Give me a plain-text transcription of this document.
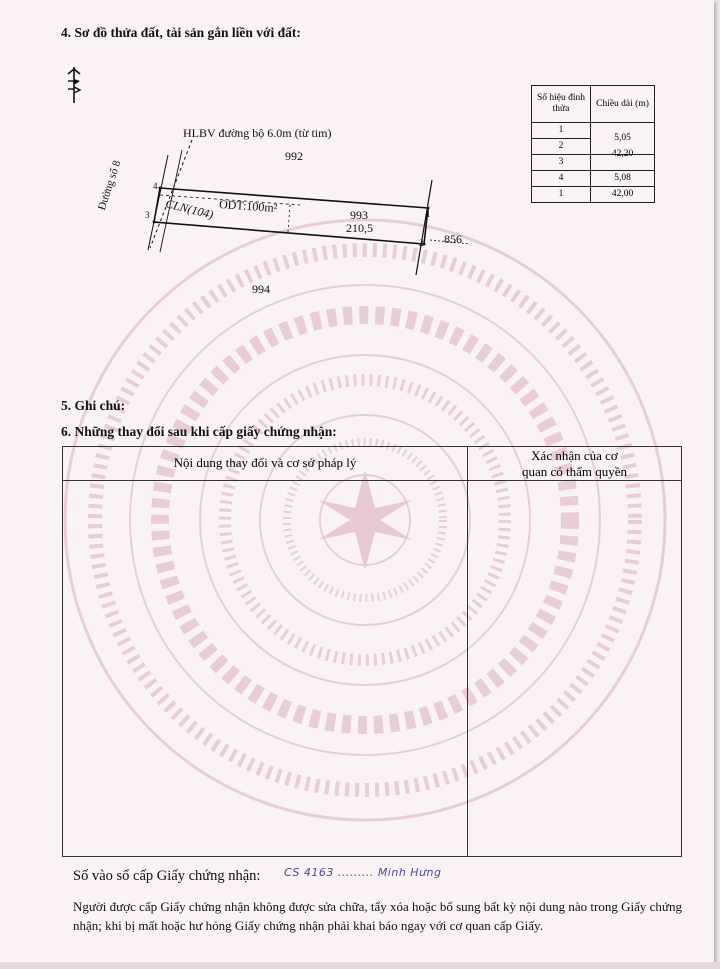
4. Sơ đồ thửa đất, tài sản gắn liền với đất:
HLBV đường bộ 6.0m (từ tim)
Đường số 8
992
ODT:100m²
CLN(104)	993
210,5
856
994
1
2
3
4
Số hiệu đỉnh thửa	Chiều dài (m)
1	5,05
2	
3	42,20
4	5,08
1	42,00
5. Ghi chú:
6. Những thay đổi sau khi cấp giấy chứng nhận:
Nội dung thay đổi và cơ sở pháp lý	Xác nhận của cơ
quan có thẩm quyền
Số vào sổ cấp Giấy chứng nhận: CS 4163 ......... Minh Hưng
Người được cấp Giấy chứng nhận không được sửa chữa, tẩy xóa hoặc bổ sung bất kỳ nội dung nào trong Giấy chứng nhận; khi bị mất hoặc hư hỏng Giấy chứng nhận phải khai báo ngay với cơ quan cấp Giấy.
